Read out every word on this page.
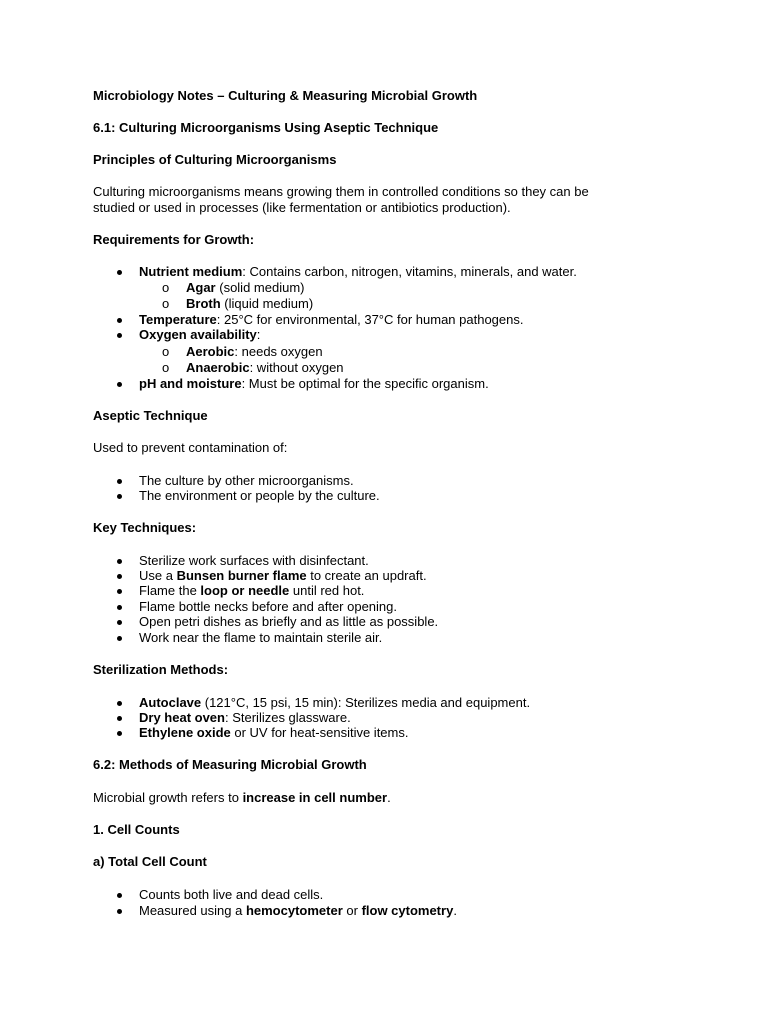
Microbiology Notes – Culturing & Measuring Microbial Growth
6.1: Culturing Microorganisms Using Aseptic Technique
Principles of Culturing Microorganisms
Culturing microorganisms means growing them in controlled conditions so they can be
studied or used in processes (like fermentation or antibiotics production).
Requirements for Growth:
Nutrient medium: Contains carbon, nitrogen, vitamins, minerals, and water.
o Agar (solid medium)
o Broth (liquid medium)
Temperature: 25°C for environmental, 37°C for human pathogens.
Oxygen availability:
o Aerobic: needs oxygen
o Anaerobic: without oxygen
pH and moisture: Must be optimal for the specific organism.
Aseptic Technique
Used to prevent contamination of:
The culture by other microorganisms.
The environment or people by the culture.
Key Techniques:
Sterilize work surfaces with disinfectant.
Use a Bunsen burner flame to create an updraft.
Flame the loop or needle until red hot.
Flame bottle necks before and after opening.
Open petri dishes as briefly and as little as possible.
Work near the flame to maintain sterile air.
Sterilization Methods:
Autoclave (121°C, 15 psi, 15 min): Sterilizes media and equipment.
Dry heat oven: Sterilizes glassware.
Ethylene oxide or UV for heat-sensitive items.
6.2: Methods of Measuring Microbial Growth
Microbial growth refers to increase in cell number.
1. Cell Counts
a) Total Cell Count
Counts both live and dead cells.
Measured using a hemocytometer or flow cytometry.
